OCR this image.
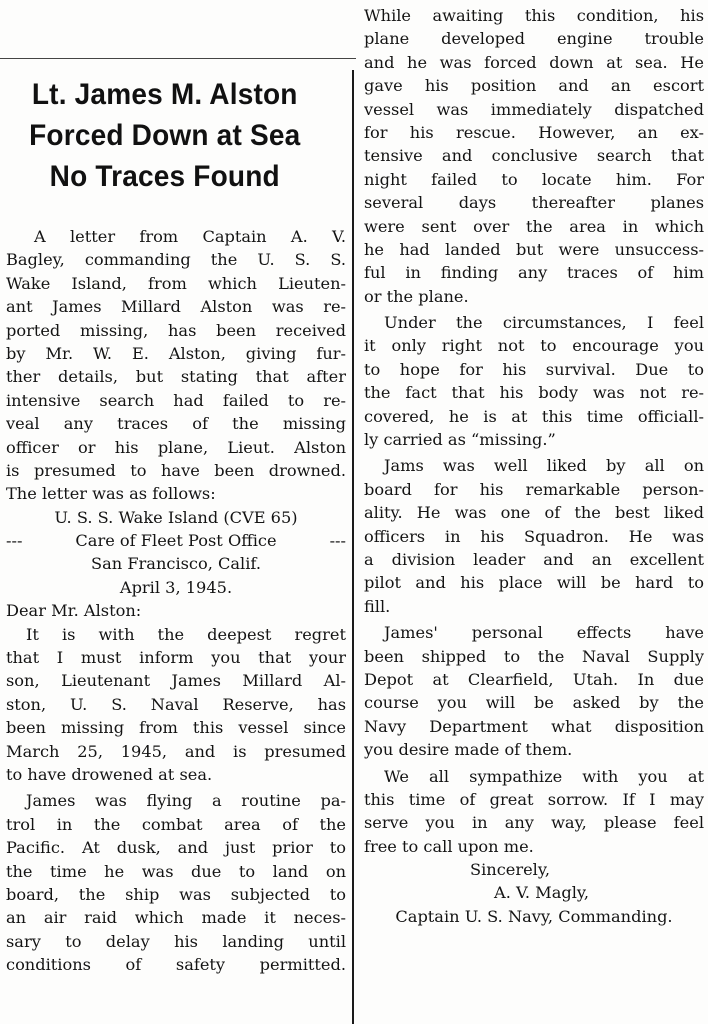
Lt. James M. Alston
Forced Down at Sea
No Traces Found
A letter from Captain A. V.
Bagley, commanding the U. S. S.
Wake Island, from which Lieuten-
ant James Millard Alston was re-
ported missing, has been received
by Mr. W. E. Alston, giving fur-
ther details, but stating that after
intensive search had failed to re-
veal any traces of the missing
officer or his plane, Lieut. Alston
is presumed to have been drowned.
The letter was as follows:
U. S. S. Wake Island (CVE 65)
---	Care of Fleet Post Office	---
San Francisco, Calif.
April 3, 1945.
Dear Mr. Alston:
It is with the deepest regret
that I must inform you that your
son, Lieutenant James Millard Al-
ston, U. S. Naval Reserve, has
been missing from this vessel since
March 25, 1945, and is presumed
to have drowened at sea.
James was flying a routine pa-
trol in the combat area of the
Pacific. At dusk, and just prior to
the time he was due to land on
board, the ship was subjected to
an air raid which made it neces-
sary to delay his landing until
conditions of safety permitted.
While awaiting this condition, his
plane developed engine trouble
and he was forced down at sea. He
gave his position and an escort
vessel was immediately dispatched
for his rescue. However, an ex-
tensive and conclusive search that
night failed to locate him. For
several days thereafter planes
were sent over the area in which
he had landed but were unsuccess-
ful in finding any traces of him
or the plane.
Under the circumstances, I feel
it only right not to encourage you
to hope for his survival. Due to
the fact that his body was not re-
covered, he is at this time officiall-
ly carried as “missing.”
Jams was well liked by all on
board for his remarkable person-
ality. He was one of the best liked
officers in his Squadron. He was
a division leader and an excellent
pilot and his place will be hard to
fill.
James' personal effects have
been shipped to the Naval Supply
Depot at Clearfield, Utah. In due
course you will be asked by the
Navy Department what disposition
you desire made of them.
We all sympathize with you at
this time of great sorrow. If I may
serve you in any way, please feel
free to call upon me.
Sincerely,
A. V. Magly,
Captain U. S. Navy, Commanding.
